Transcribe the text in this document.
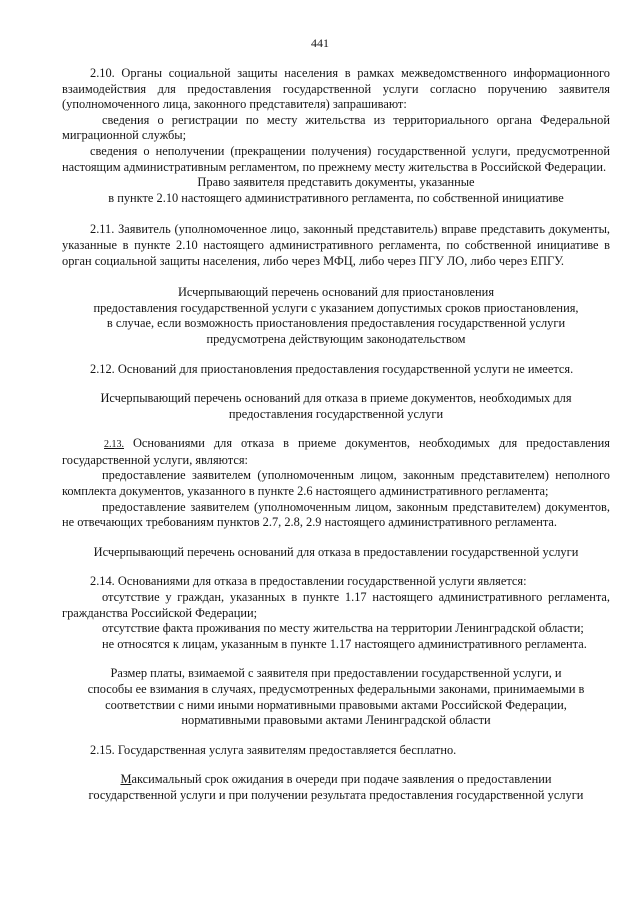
441

2.10. Органы социальной защиты населения в рамках межведомственного информационного взаимодействия для предоставления государственной услуги согласно поручению заявителя (уполномоченного лица, законного представителя) запрашивают:

сведения о регистрации по месту жительства из территориального органа Федеральной миграционной службы;

сведения о неполучении (прекращении получения) государственной услуги, предусмотренной настоящим административным регламентом, по прежнему месту жительства в Российской Федерации.

Право заявителя представить документы, указанные

в пункте 2.10 настоящего административного регламента, по собственной инициативе

2.11. Заявитель (уполномоченное лицо, законный представитель) вправе представить документы, указанные в пункте 2.10 настоящего административного регламента, по собственной инициативе в орган социальной защиты населения, либо через МФЦ, либо через ПГУ ЛО, либо через ЕПГУ.

Исчерпывающий перечень оснований для приостановления

предоставления государственной услуги с указанием допустимых сроков приостановления,

в случае, если возможность приостановления предоставления государственной услуги

предусмотрена действующим законодательством

2.12. Оснований для приостановления предоставления государственной услуги не имеется.

Исчерпывающий перечень оснований для отказа в приеме документов, необходимых для

предоставления государственной услуги

2.13. Основаниями для отказа в приеме документов, необходимых для предоставления государственной услуги, являются:

предоставление заявителем (уполномоченным лицом, законным представителем) неполного комплекта документов, указанного в пункте 2.6 настоящего административного регламента;

предоставление заявителем (уполномоченным лицом, законным представителем) документов, не отвечающих требованиям пунктов 2.7, 2.8, 2.9 настоящего административного регламента.

Исчерпывающий перечень оснований для отказа в предоставлении государственной услуги

2.14. Основаниями для отказа в предоставлении государственной услуги является:

отсутствие у граждан, указанных в пункте 1.17 настоящего административного регламента, гражданства Российской Федерации;

отсутствие факта проживания по месту жительства на территории Ленинградской области;

не относятся к лицам, указанным в пункте 1.17 настоящего административного регламента.

Размер платы, взимаемой с заявителя при предоставлении государственной услуги, и

способы ее взимания в случаях, предусмотренных федеральными законами, принимаемыми в

соответствии с ними иными нормативными правовыми актами Российской Федерации,

нормативными правовыми актами Ленинградской области

2.15. Государственная услуга заявителям предоставляется бесплатно.

Максимальный срок ожидания в очереди при подаче заявления о предоставлении

государственной услуги и при получении результата предоставления государственной услуги
